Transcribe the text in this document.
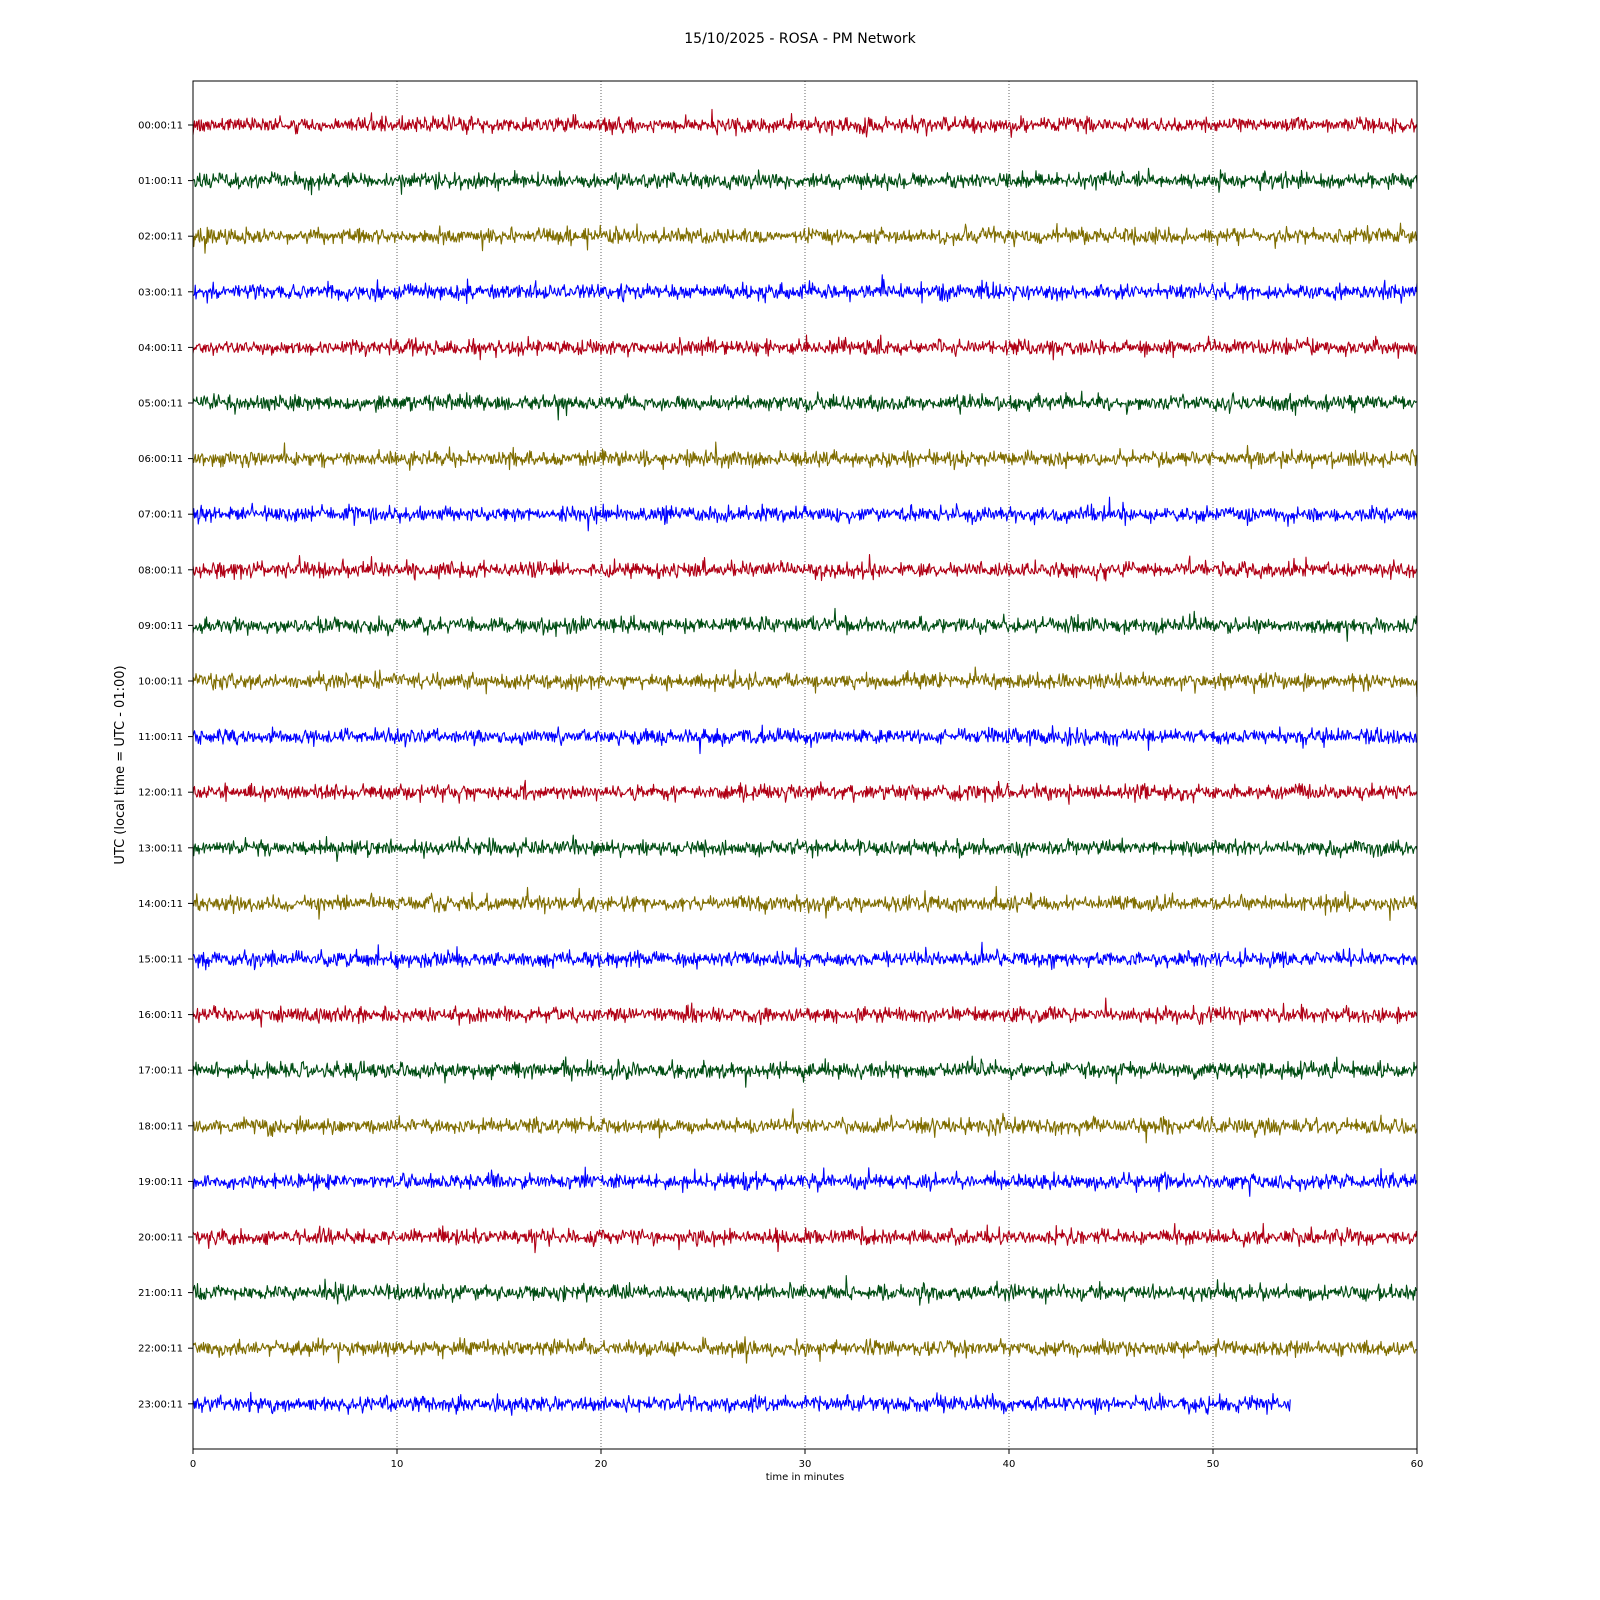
15/10/2025 - ROSA - PM Network
00:00:11
01:00:11
02:00:11
03:00:11
04:00:11
05:00:11
06:00:11
07:00:11
08:00:11
09:00:11
10:00:11
11:00:11
12:00:11
13:00:11
14:00:11
15:00:11
16:00:11
17:00:11
18:00:11
19:00:11
20:00:11
21:00:11
22:00:11
23:00:11
0	10	20	30	40	50	60
time in minutes
UTC (local time = UTC - 01:00)
